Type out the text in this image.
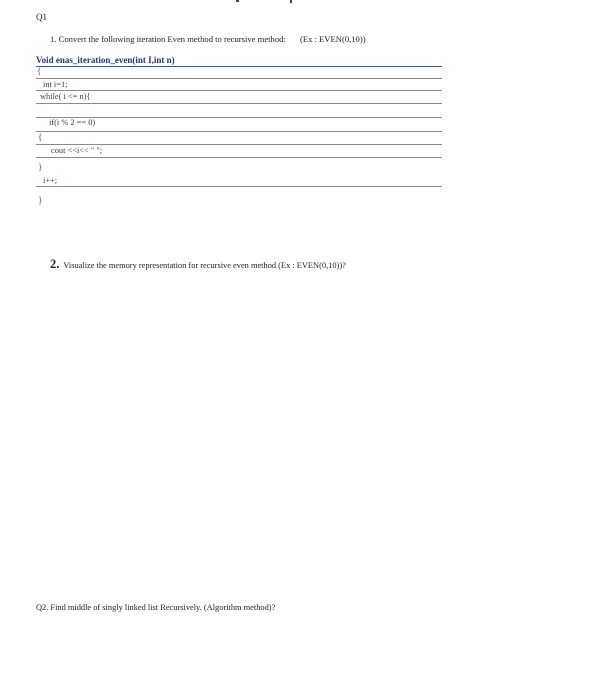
Q1
1. Convert the following iteration Even method to recursive method: (Ex : EVEN(0,10))
Void enas_iteration_even(int I,int n)
{
int i=1;
while( i <= n){
if(i % 2 == 0)
{
cout <<i<< " ";
}
i++;
}
2. Visualize the memory representation for recursive even method (Ex : EVEN(0,10))?
Q2. Find middle of singly linked list Recursively. (Algorithm method)?
